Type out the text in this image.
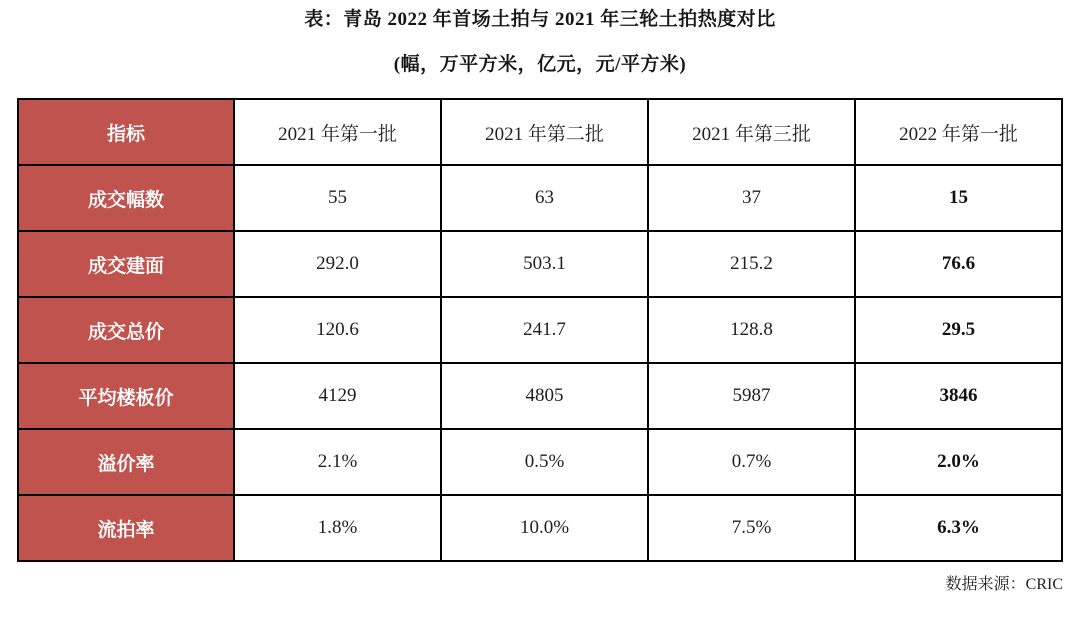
表：青岛 2022 年首场土拍与 2021 年三轮土拍热度对比
(幅，万平方米，亿元，元/平方米)
指标	2021 年第一批	2021 年第二批	2021 年第三批	2022 年第一批
成交幅数	55	63	37	15
成交建面	292.0	503.1	215.2	76.6
成交总价	120.6	241.7	128.8	29.5
平均楼板价	4129	4805	5987	3846
溢价率	2.1%	0.5%	0.7%	2.0%
流拍率	1.8%	10.0%	7.5%	6.3%
数据来源：CRIC
